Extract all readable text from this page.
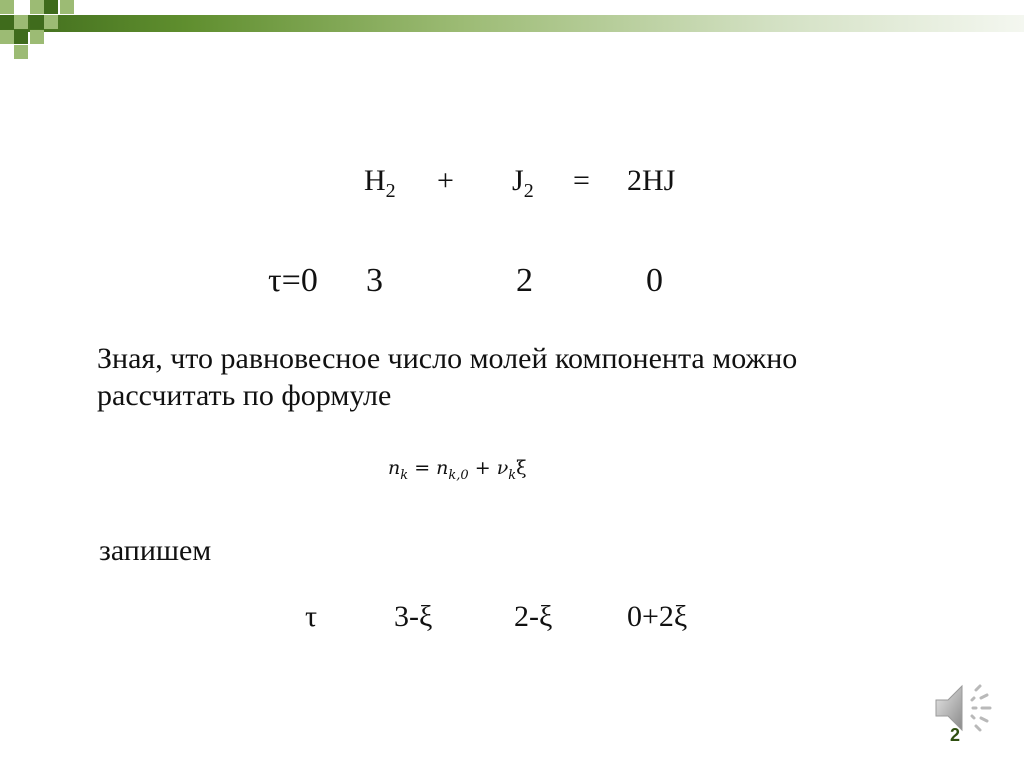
$H_2 + J_2 = 2HJ$
τ=0 3	2	0
Зная, что равновесное число молей компонента можно
рассчитать по формуле
$n_k = n_{k,0} + \nu_k\xi$
запишем
τ	3-ξ	2-ξ 0+2ξ
2
